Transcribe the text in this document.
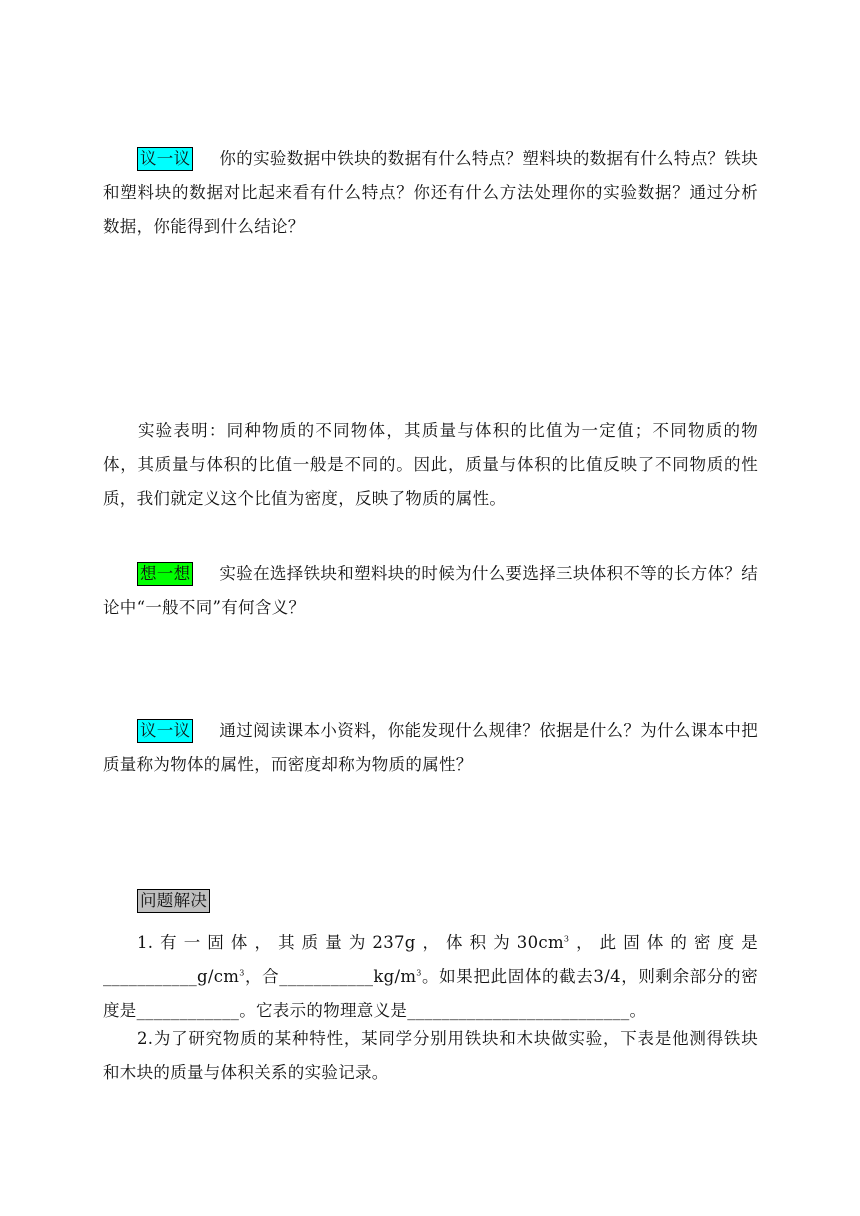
议一议 你的实验数据中铁块的数据有什么特点？塑料块的数据有什么特点？铁块和塑料块的数据对比起来看有什么特点？你还有什么方法处理你的实验数据？通过分析数据，你能得到什么结论？
实验表明：同种物质的不同物体，其质量与体积的比值为一定值；不同物质的物体，其质量与体积的比值一般是不同的。因此，质量与体积的比值反映了不同物质的性质，我们就定义这个比值为密度，反映了物质的属性。
想一想 实验在选择铁块和塑料块的时候为什么要选择三块体积不等的长方体？结论中“一般不同”有何含义？
议一议 通过阅读课本小资料，你能发现什么规律？依据是什么？为什么课本中把质量称为物体的属性，而密度却称为物质的属性？
问题解决
1.有一固体，其质量为237g，体积为$30cm^3$，此固体的密度是$\_\_\_\_\_\_\_\_\_\_\_g/cm^3$，合$\_\_\_\_\_\_\_\_\_\_\_kg/m^3$。如果把此固体的截去3/4，则剩余部分的密度是____________。它表示的物理意义是__________________________。
2.为了研究物质的某种特性，某同学分别用铁块和木块做实验，下表是他测得铁块和木块的质量与体积关系的实验记录。
